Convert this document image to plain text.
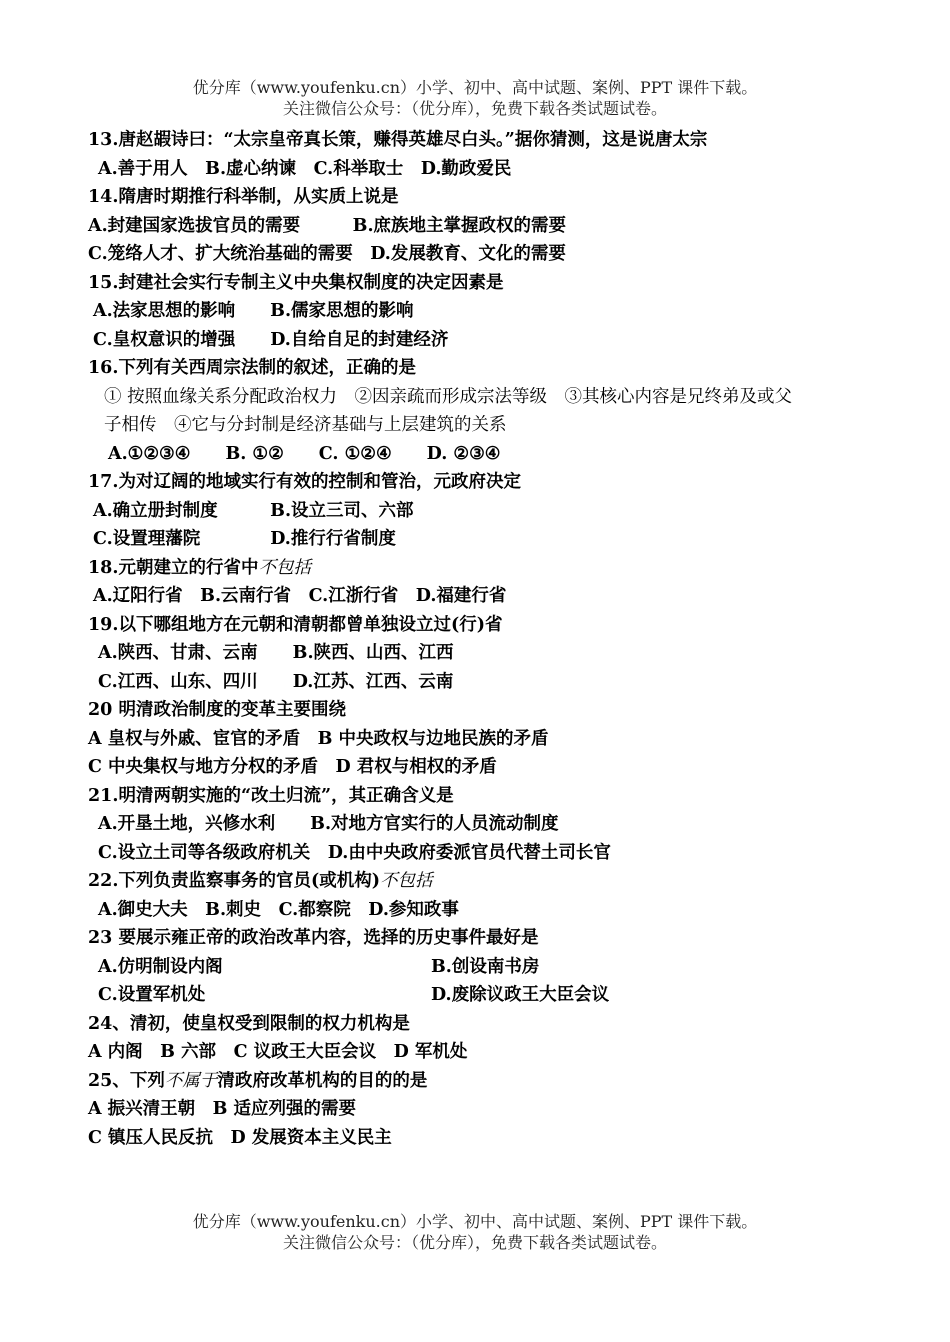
优分库（www.youfenku.cn）小学、初中、高中试题、案例、PPT 课件下载。
关注微信公众号：（优分库），免费下载各类试题试卷。
13.唐赵嘏诗曰：“太宗皇帝真长策，赚得英雄尽白头。”据你猜测，这是说唐太宗
A.善于用人　 B.虚心纳谏　 C.科举取士　 D.勤政爱民
14.隋唐时期推行科举制，从实质上说是
A.封建国家选拔官员的需要　　　	B.庶族地主掌握政权的需要
C.笼络人才、扩大统治基础的需要　 D.发展教育、文化的需要
15.封建社会实行专制主义中央集权制度的决定因素是
A.法家思想的影响　　 B.儒家思想的影响
C.皇权意识的增强　　 D.自给自足的封建经济
16.下列有关西周宗法制的叙述，正确的是
① 按照血缘关系分配政治权力　②因亲疏而形成宗法等级　③其核心内容是兄终弟及或父
子相传　④它与分封制是经济基础与上层建筑的关系
A.①②③④　　 B. ①②　　 C. ①②④　　 D. ②③④
17.为对辽阔的地域实行有效的控制和管治，元政府决定
A.确立册封制度　　　	B.设立三司、六部
C.设置理藩院　　　　	D.推行行省制度
18.元朝建立的行省中不包括
A.辽阳行省　 B.云南行省　 C.江浙行省　 D.福建行省
19.以下哪组地方在元朝和清朝都曾单独设立过(行)省
A.陕西、甘肃、云南　　 B.陕西、山西、江西
C.江西、山东、四川　　 D.江苏、江西、云南
20 明清政治制度的变革主要围绕
A 皇权与外戚、宦官的矛盾　 B 中央政权与边地民族的矛盾
C 中央集权与地方分权的矛盾　 D 君权与相权的矛盾
21.明清两朝实施的“改土归流”，其正确含义是
A.开垦土地，兴修水利　　 B.对地方官实行的人员流动制度
C.设立土司等各级政府机关　 D.由中央政府委派官员代替土司长官
22.下列负责监察事务的官员(或机构)不包括
A.御史大夫　 B.刺史　 C.都察院　 D.参知政事
23 要展示雍正帝的政治改革内容，选择的历史事件最好是
A.仿明制设内阁	B.创设南书房
C.设置军机处	D.废除议政王大臣会议
24、清初，使皇权受到限制的权力机构是
A 内阁　 B 六部　 C 议政王大臣会议　 D 军机处
25、下列不属于清政府改革机构的目的的是
A 振兴清王朝　 B 适应列强的需要
C 镇压人民反抗　 D 发展资本主义民主
优分库（www.youfenku.cn）小学、初中、高中试题、案例、PPT 课件下载。
关注微信公众号：（优分库），免费下载各类试题试卷。
